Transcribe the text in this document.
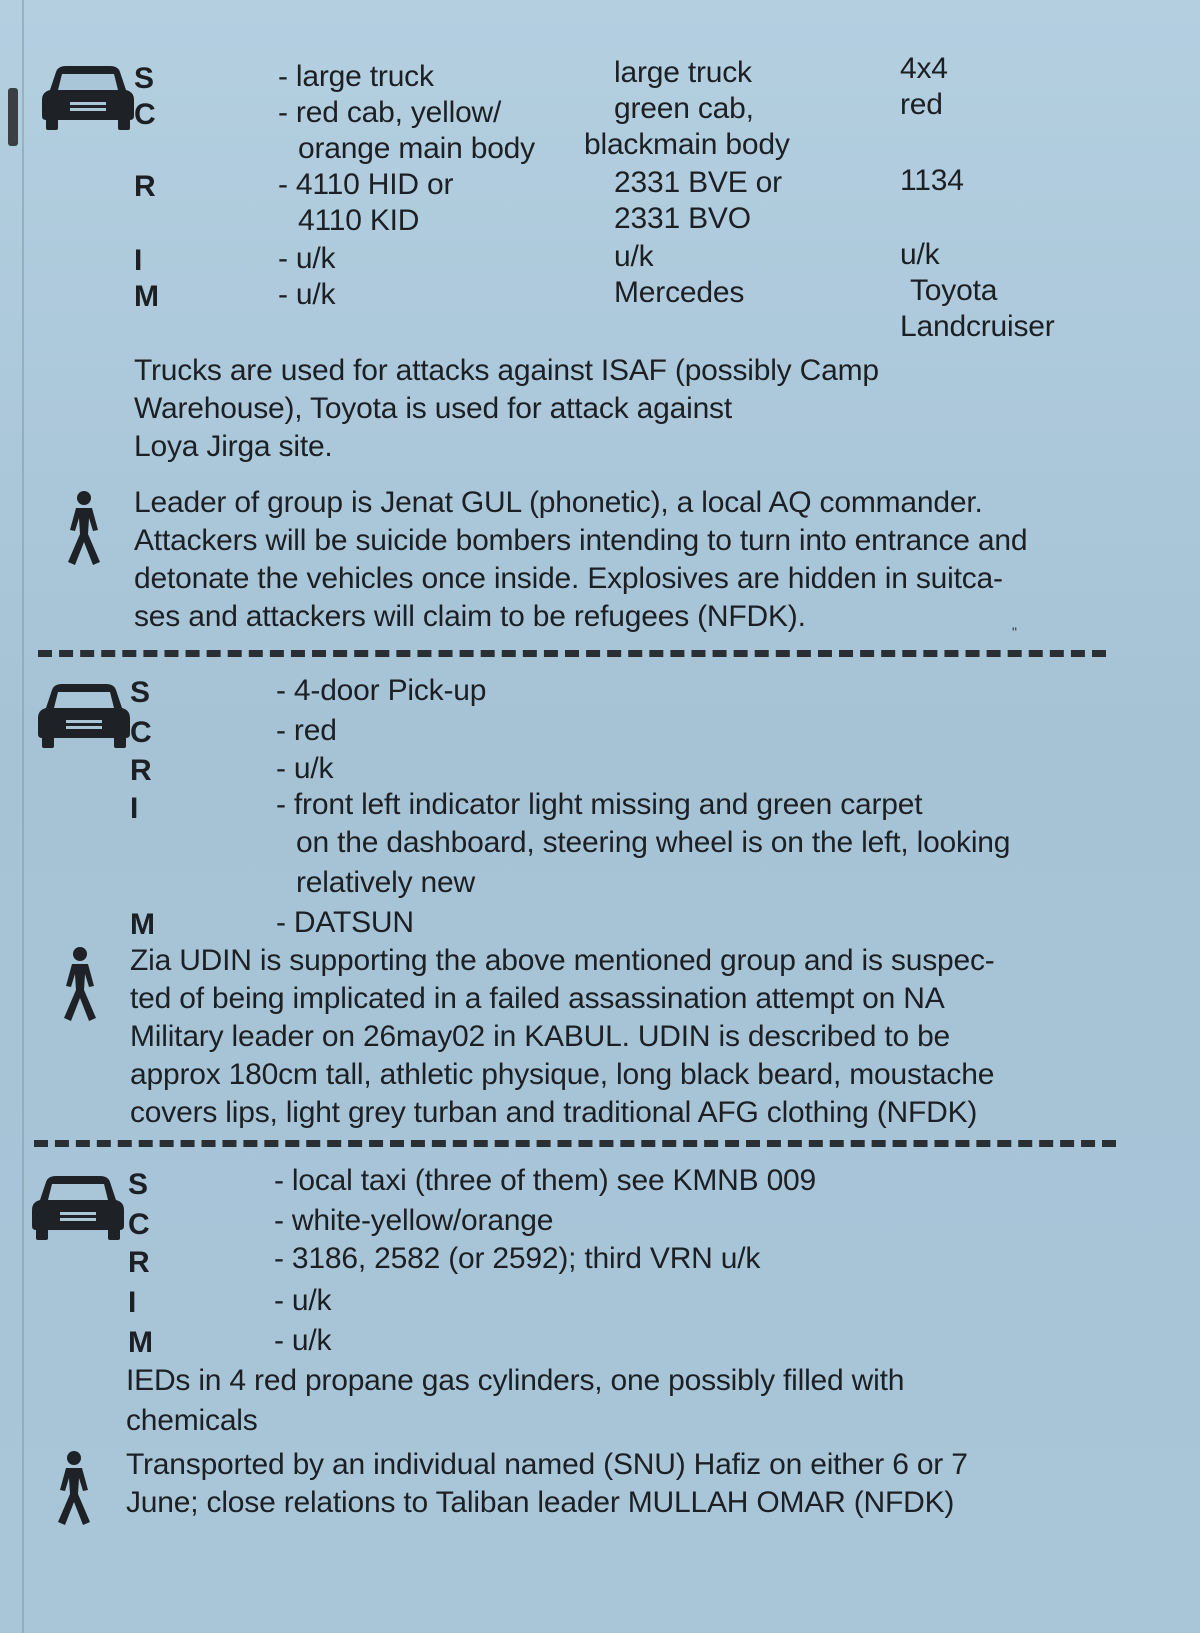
S
C
R
I
M
- large truck
- red cab, yellow/
orange main body
- 4110 HID or
4110 KID
- u/k
- u/k
large truck
green cab,
blackmain body
2331 BVE or
2331 BVO
u/k
Mercedes
4x4
red
1134
u/k
Toyota
Landcruiser
Trucks are used for attacks against ISAF (possibly Camp
Warehouse), Toyota is used for attack against
Loya Jirga site.
Leader of group is Jenat GUL (phonetic), a local AQ commander.
Attackers will be suicide bombers intending to turn into entrance and
detonate the vehicles once inside. Explosives are hidden in suitca-
ses and attackers will claim to be refugees (NFDK).	"
S
C
R
I
M
- 4-door Pick-up
- red
- u/k
- front left indicator light missing and green carpet
on the dashboard, steering wheel is on the left, looking
relatively new
- DATSUN
Zia UDIN is supporting the above mentioned group and is suspec-
ted of being implicated in a failed assassination attempt on NA
Military leader on 26may02 in KABUL. UDIN is described to be
approx 180cm tall, athletic physique, long black beard, moustache
covers lips, light grey turban and traditional AFG clothing (NFDK)
S
C
R
I
M
- local taxi (three of them) see KMNB 009
- white-yellow/orange
- 3186, 2582 (or 2592); third VRN u/k
- u/k
- u/k
IEDs in 4 red propane gas cylinders, one possibly filled with
chemicals
Transported by an individual named (SNU) Hafiz on either 6 or 7
June; close relations to Taliban leader MULLAH OMAR (NFDK)
